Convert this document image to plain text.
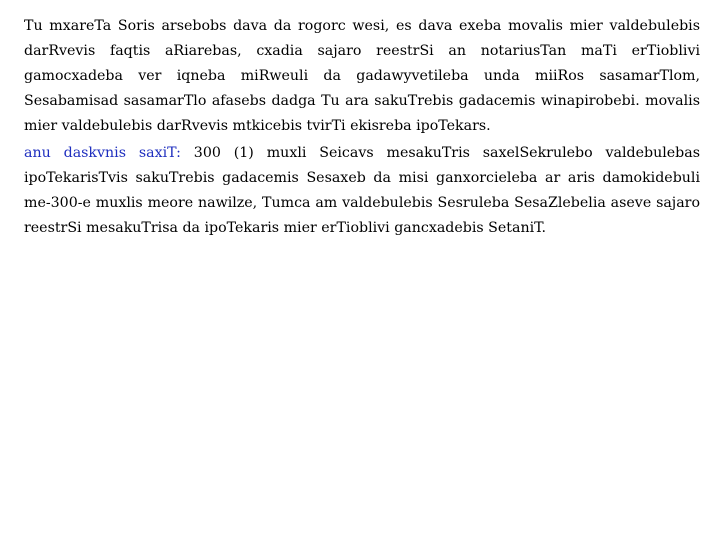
Tu mxareTa Soris arsebobs dava da rogorc wesi, es dava exeba movalis mier valdebulebis darRvevis faqtis aRiarebas, cxadia sajaro reestrSi an notariusTan maTi erTioblivi gamocxadeba ver iqneba miRweuli da gadawyvetileba unda miiRos sasamarTlom, Sesabamisad sasamarTlo afasebs dadga Tu ara sakuTrebis gadacemis winapirobebi. movalis mier valdebulebis darRvevis mtkicebis tvirTi ekisreba ipoTekars.

anu daskvnis saxiT: 300 (1) muxli Seicavs mesakuTris saxelSekrulebo valdebulebas ipoTekarisTvis sakuTrebis gadacemis Sesaxeb da misi ganxorcieleba ar aris damokidebuli me-300-e muxlis meore nawilze, Tumca am valdebulebis Sesruleba SesaZlebelia aseve sajaro reestrSi mesakuTrisa da ipoTekaris mier erTioblivi gancxadebis SetaniT.
